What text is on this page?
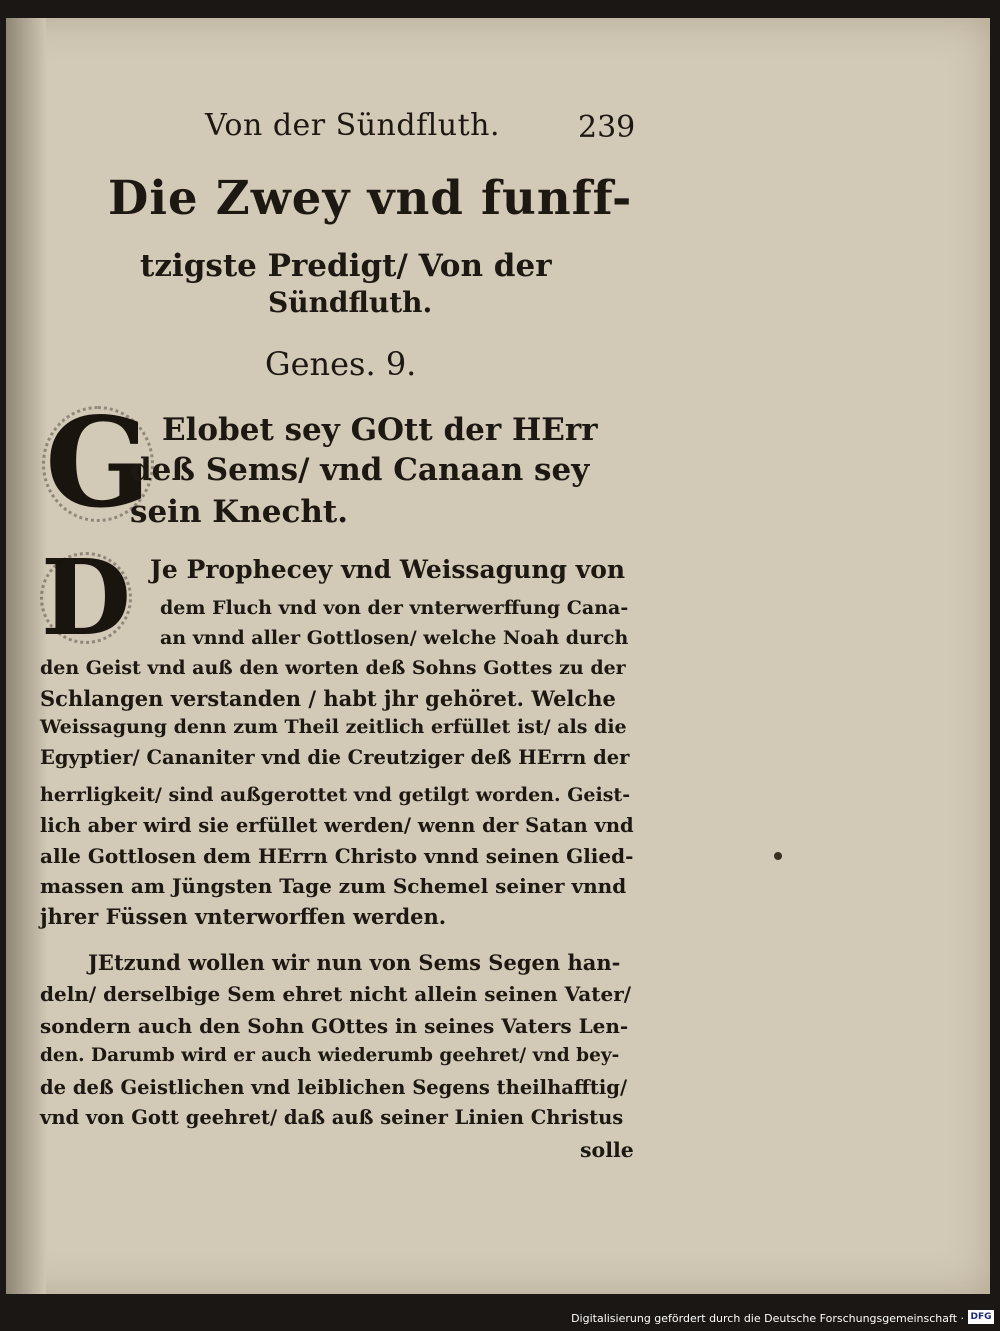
Von der Sündfluth.	239
Die Zwey vnd funff-
tzigste Predigt/ Von der
Sündfluth.
Genes. 9.
G Elobet sey GOtt der HErr
deß Sems/ vnd Canaan sey
sein Knecht.
D Je Prophecey vnd Weissagung von
dem Fluch vnd von der vnterwerffung Cana-
an vnnd aller Gottlosen/ welche Noah durch
den Geist vnd auß den worten deß Sohns Gottes zu der
Schlangen verstanden / habt jhr gehöret. Welche
Weissagung denn zum Theil zeitlich erfüllet ist/ als die
Egyptier/ Cananiter vnd die Creutziger deß HErrn der
herrligkeit/ sind außgerottet vnd getilgt worden. Geist-
lich aber wird sie erfüllet werden/ wenn der Satan vnd
alle Gottlosen dem HErrn Christo vnnd seinen Glied-
massen am Jüngsten Tage zum Schemel seiner vnnd
jhrer Füssen vnterworffen werden.
JEtzund wollen wir nun von Sems Segen han-
deln/ derselbige Sem ehret nicht allein seinen Vater/
sondern auch den Sohn GOttes in seines Vaters Len-
den. Darumb wird er auch wiederumb geehret/ vnd bey-
de deß Geistlichen vnd leiblichen Segens theilhafftig/
vnd von Gott geehret/ daß auß seiner Linien Christus
solle
Digitalisierung gefördert durch die Deutsche Forschungsgemeinschaft · DFG
